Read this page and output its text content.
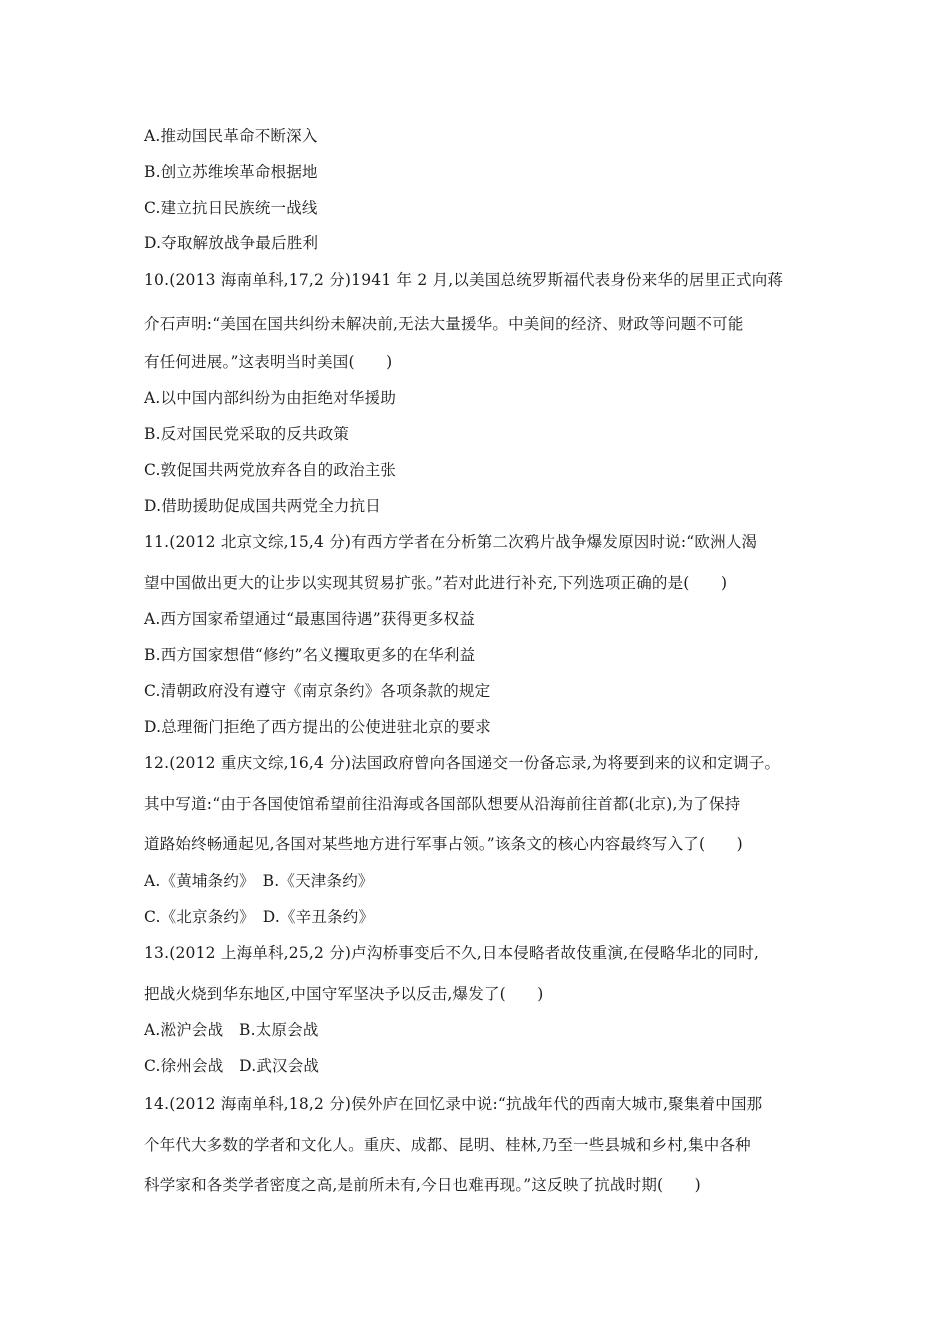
A.推动国民革命不断深入
B.创立苏维埃革命根据地
C.建立抗日民族统一战线
D.夺取解放战争最后胜利
10.(2013 海南单科,17,2 分)1941 年 2 月,以美国总统罗斯福代表身份来华的居里正式向蒋
介石声明:“美国在国共纠纷未解决前,无法大量援华。中美间的经济、财政等问题不可能
有任何进展。”这表明当时美国(　　)
A.以中国内部纠纷为由拒绝对华援助
B.反对国民党采取的反共政策
C.敦促国共两党放弃各自的政治主张
D.借助援助促成国共两党全力抗日
11.(2012 北京文综,15,4 分)有西方学者在分析第二次鸦片战争爆发原因时说:“欧洲人渴
望中国做出更大的让步以实现其贸易扩张。”若对此进行补充,下列选项正确的是(　　)
A.西方国家希望通过“最惠国待遇”获得更多权益
B.西方国家想借“修约”名义攫取更多的在华利益
C.清朝政府没有遵守《南京条约》各项条款的规定
D.总理衙门拒绝了西方提出的公使进驻北京的要求
12.(2012 重庆文综,16,4 分)法国政府曾向各国递交一份备忘录,为将要到来的议和定调子。
其中写道:“由于各国使馆希望前往沿海或各国部队想要从沿海前往首都(北京),为了保持
道路始终畅通起见,各国对某些地方进行军事占领。”该条文的核心内容最终写入了(　　)
A.《黄埔条约》　B.《天津条约》
C.《北京条约》　D.《辛丑条约》
13.(2012 上海单科,25,2 分)卢沟桥事变后不久,日本侵略者故伎重演,在侵略华北的同时,
把战火烧到华东地区,中国守军坚决予以反击,爆发了(　　)
A.淞沪会战　B.太原会战
C.徐州会战　D.武汉会战
14.(2012 海南单科,18,2 分)侯外庐在回忆录中说:“抗战年代的西南大城市,聚集着中国那
个年代大多数的学者和文化人。重庆、成都、昆明、桂林,乃至一些县城和乡村,集中各种
科学家和各类学者密度之高,是前所未有,今日也难再现。”这反映了抗战时期(　　)
